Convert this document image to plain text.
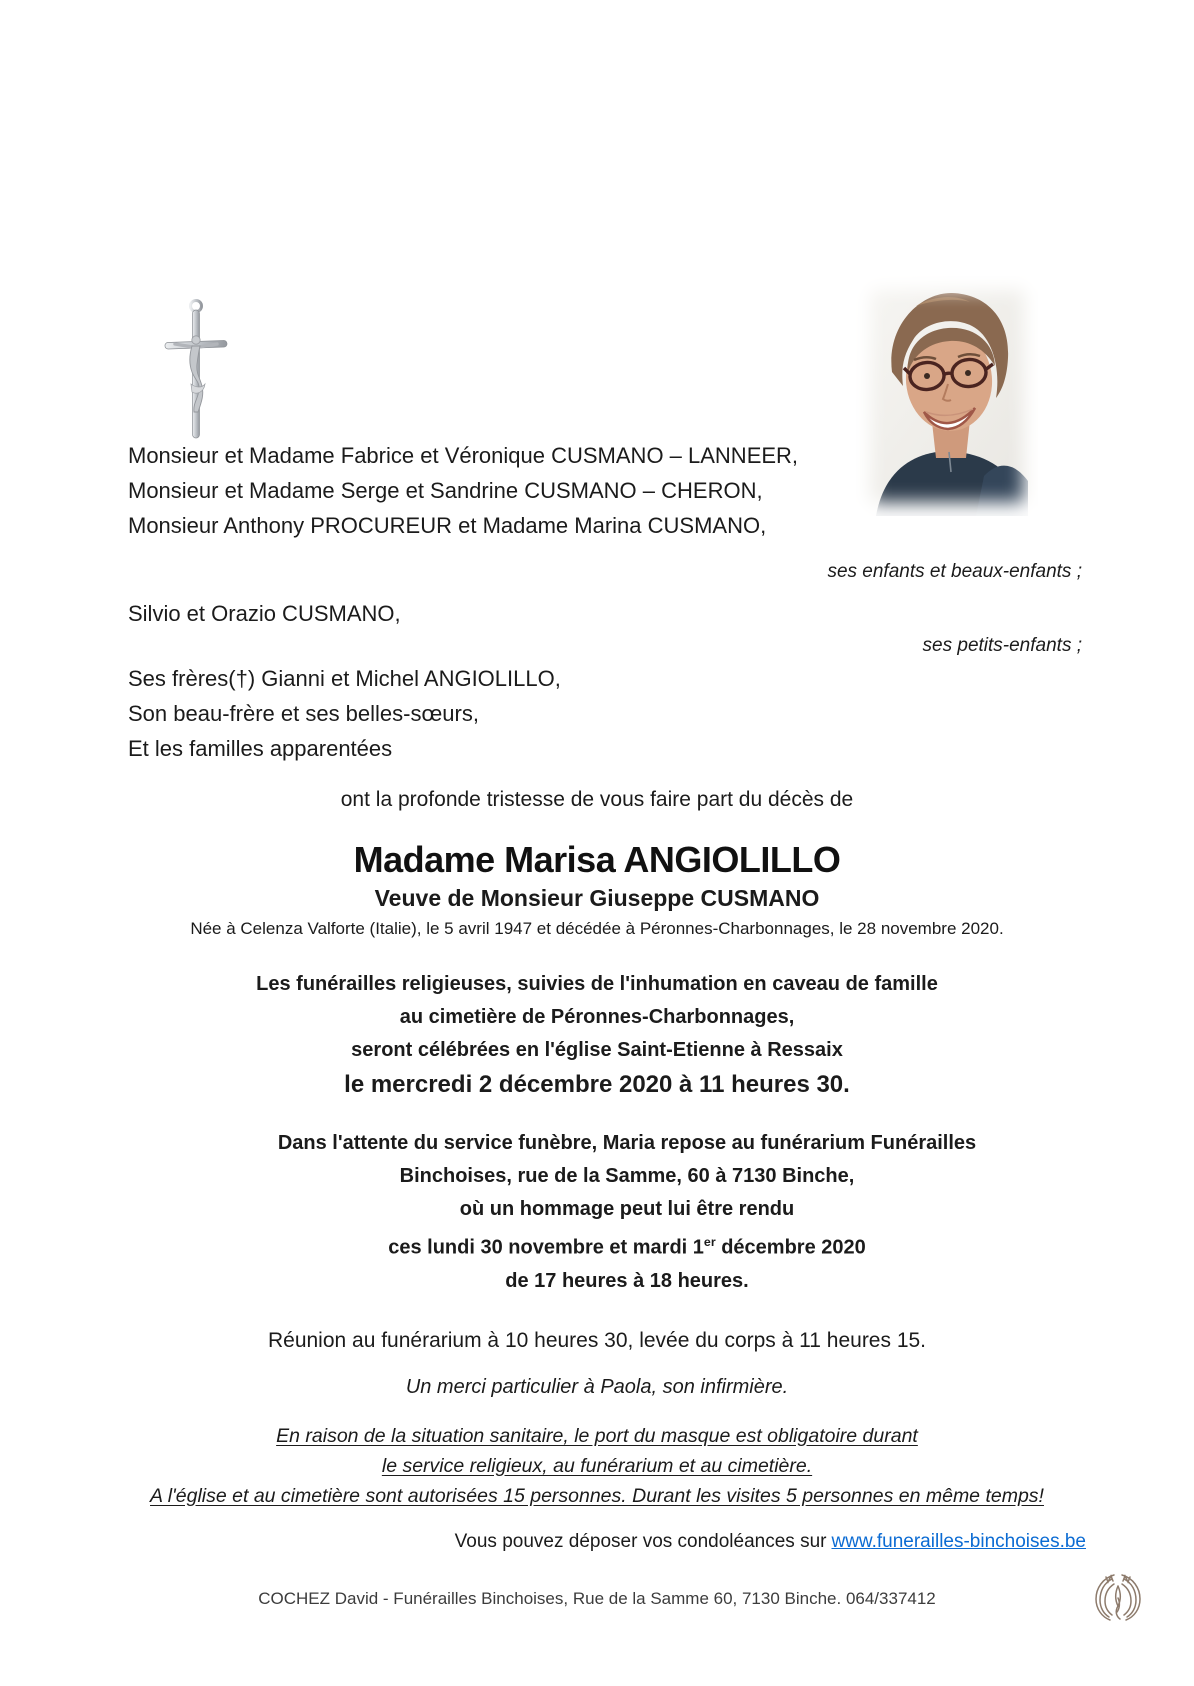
Monsieur et Madame Fabrice et Véronique CUSMANO – LANNEER,
Monsieur et Madame Serge et Sandrine CUSMANO – CHERON,
Monsieur Anthony PROCUREUR et Madame Marina CUSMANO,
ses enfants et beaux-enfants ;
Silvio et Orazio CUSMANO,
ses petits-enfants ;
Ses frères(†) Gianni et Michel ANGIOLILLO,
Son beau-frère et ses belles-sœurs,
Et les familles apparentées
ont la profonde tristesse de vous faire part du décès de
Madame Marisa ANGIOLILLO
Veuve de Monsieur Giuseppe CUSMANO
Née à Celenza Valforte (Italie), le 5 avril 1947 et décédée à Péronnes-Charbonnages, le 28 novembre 2020.
Les funérailles religieuses, suivies de l'inhumation en caveau de famille
au cimetière de Péronnes-Charbonnages,
seront célébrées en l'église Saint-Etienne à Ressaix
le mercredi 2 décembre 2020 à 11 heures 30.
Dans l'attente du service funèbre, Maria repose au funérarium Funérailles
Binchoises, rue de la Samme, 60 à 7130 Binche,
où un hommage peut lui être rendu
ces lundi 30 novembre et mardi 1er décembre 2020
de 17 heures à 18 heures.
Réunion au funérarium à 10 heures 30, levée du corps à 11 heures 15.
Un merci particulier à Paola, son infirmière.
En raison de la situation sanitaire, le port du masque est obligatoire durant
le service religieux, au funérarium et au cimetière.
A l'église et au cimetière sont autorisées 15 personnes. Durant les visites 5 personnes en même temps!
Vous pouvez déposer vos condoléances sur www.funerailles-binchoises.be
COCHEZ David - Funérailles Binchoises, Rue de la Samme 60, 7130 Binche. 064/337412
